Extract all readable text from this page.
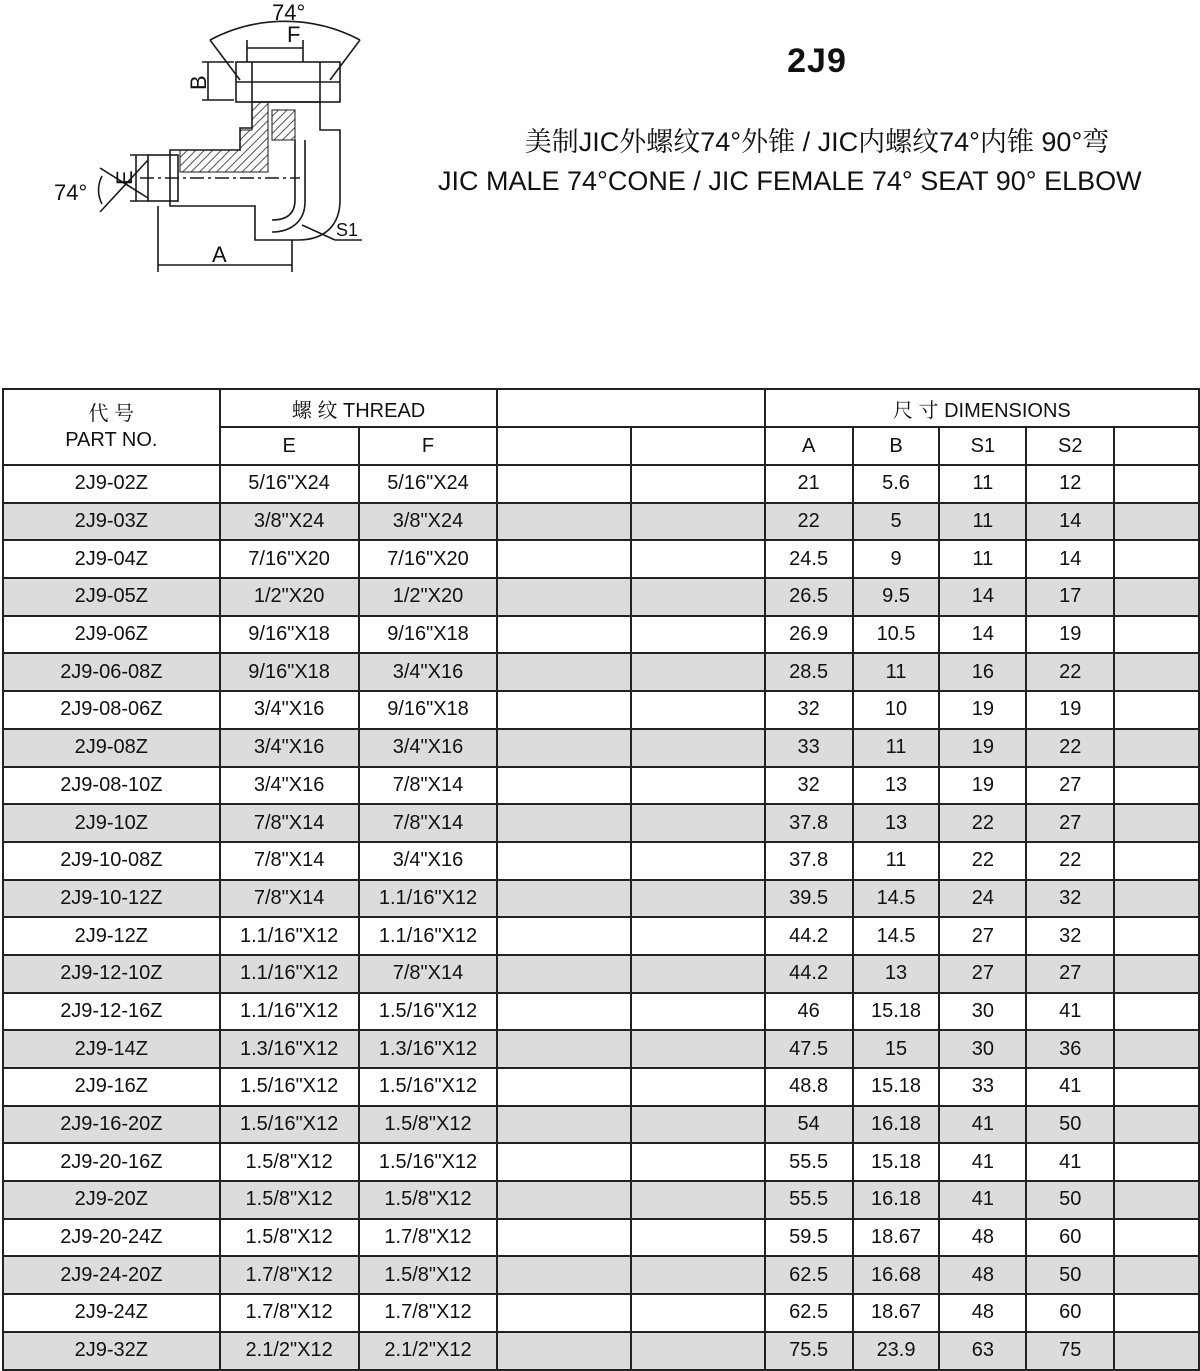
74°
F
B
E
74°
A
S1
2J9
美制JIC外螺纹74°外锥 / JIC内螺纹74°内锥 90°弯
JIC MALE 74°CONE / JIC FEMALE 74° SEAT 90° ELBOW
代 号
PART NO.	螺 纹 THREAD				尺 寸 DIMENSIONS				
	E	F			A	B	S1	S2	
2J9-02Z	5/16"X24	5/16"X24			21	5.6	11	12	
2J9-03Z	3/8"X24	3/8"X24			22	5	11	14	
2J9-04Z	7/16"X20	7/16"X20			24.5	9	11	14	
2J9-05Z	1/2"X20	1/2"X20			26.5	9.5	14	17	
2J9-06Z	9/16"X18	9/16"X18			26.9	10.5	14	19	
2J9-06-08Z	9/16"X18	3/4"X16			28.5	11	16	22	
2J9-08-06Z	3/4"X16	9/16"X18			32	10	19	19	
2J9-08Z	3/4"X16	3/4"X16			33	11	19	22	
2J9-08-10Z	3/4"X16	7/8"X14			32	13	19	27	
2J9-10Z	7/8"X14	7/8"X14			37.8	13	22	27	
2J9-10-08Z	7/8"X14	3/4"X16			37.8	11	22	22	
2J9-10-12Z	7/8"X14	1.1/16"X12			39.5	14.5	24	32	
2J9-12Z	1.1/16"X12	1.1/16"X12			44.2	14.5	27	32	
2J9-12-10Z	1.1/16"X12	7/8"X14			44.2	13	27	27	
2J9-12-16Z	1.1/16"X12	1.5/16"X12			46	15.18	30	41	
2J9-14Z	1.3/16"X12	1.3/16"X12			47.5	15	30	36	
2J9-16Z	1.5/16"X12	1.5/16"X12			48.8	15.18	33	41	
2J9-16-20Z	1.5/16"X12	1.5/8"X12			54	16.18	41	50	
2J9-20-16Z	1.5/8"X12	1.5/16"X12			55.5	15.18	41	41	
2J9-20Z	1.5/8"X12	1.5/8"X12			55.5	16.18	41	50	
2J9-20-24Z	1.5/8"X12	1.7/8"X12			59.5	18.67	48	60	
2J9-24-20Z	1.7/8"X12	1.5/8"X12			62.5	16.68	48	50	
2J9-24Z	1.7/8"X12	1.7/8"X12			62.5	18.67	48	60	
2J9-32Z	2.1/2"X12	2.1/2"X12			75.5	23.9	63	75	
